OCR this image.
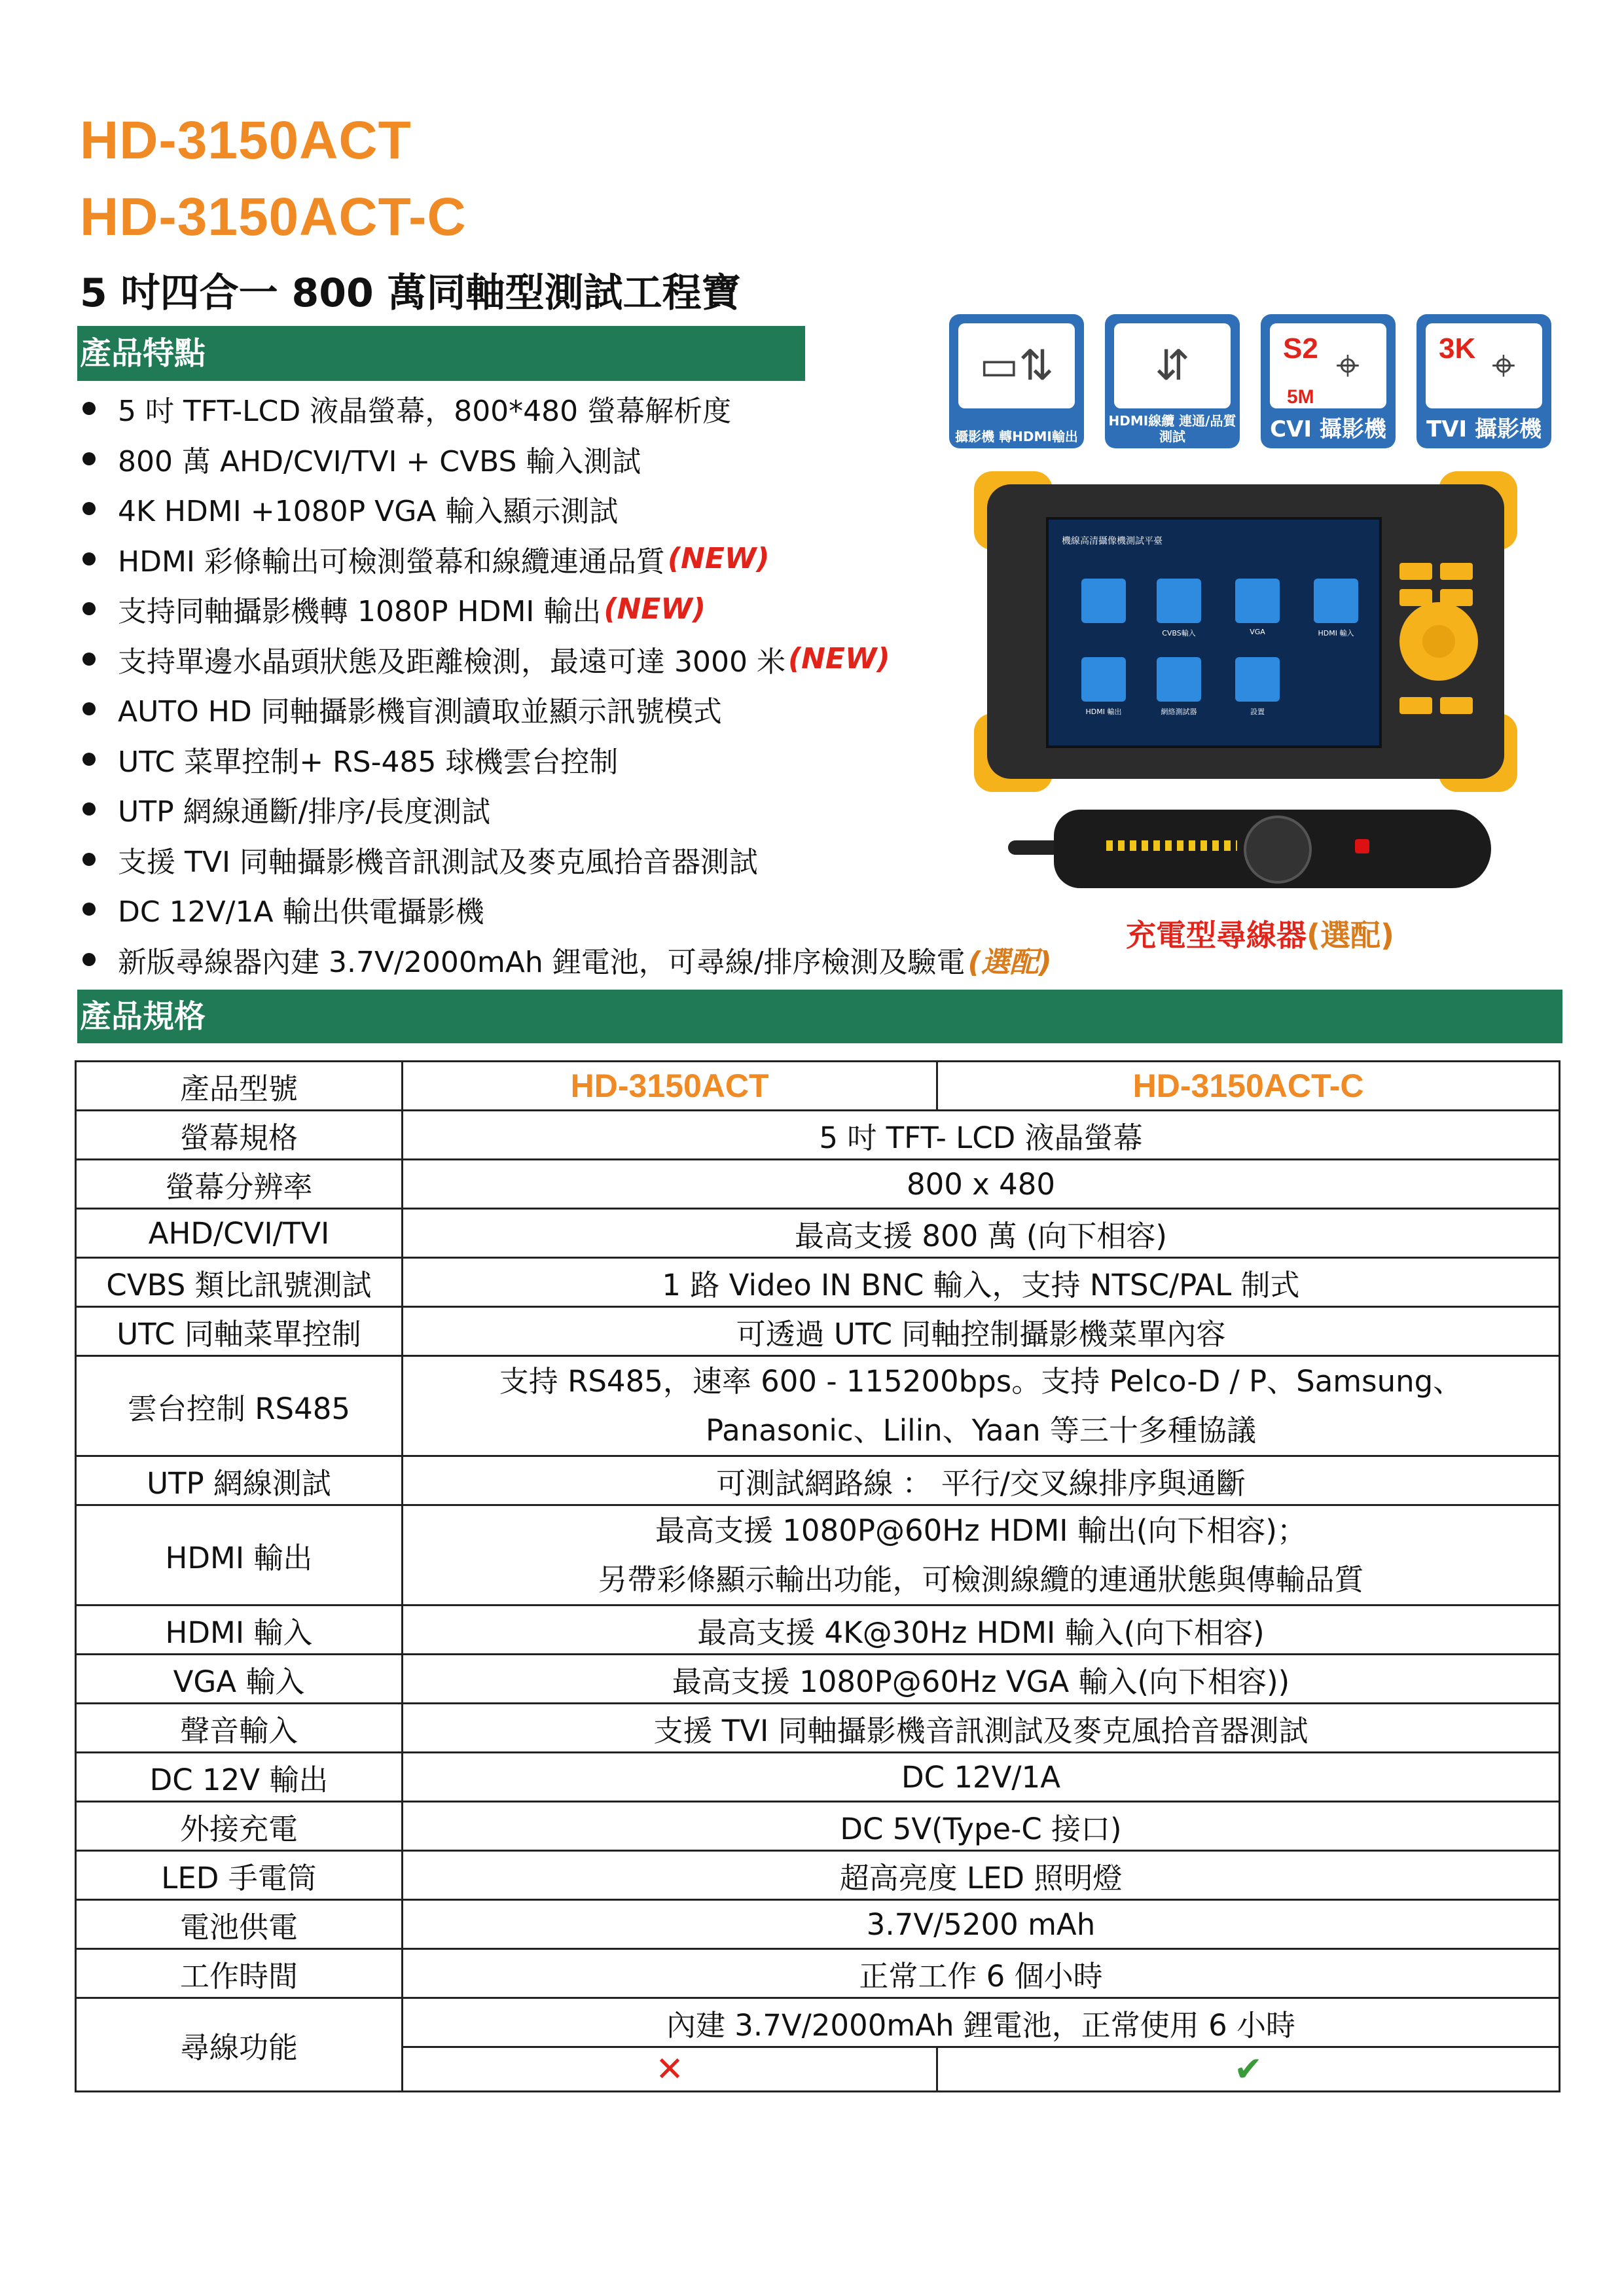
HD-3150ACT
HD-3150ACT-C
5 吋四合一 800 萬同軸型測試工程寶
產品特點
5 吋 TFT-LCD 液晶螢幕，800*480 螢幕解析度
800 萬 AHD/CVI/TVI + CVBS 輸入測試
4K HDMI +1080P VGA 輸入顯示測試
HDMI 彩條輸出可檢測螢幕和線纜連通品質 (NEW)
支持同軸攝影機轉 1080P HDMI 輸出 (NEW)
支持單邊水晶頭狀態及距離檢測，最遠可達 3000 米 (NEW)
AUTO HD 同軸攝影機盲測讀取並顯示訊號模式
UTC 菜單控制+ RS-485 球機雲台控制
UTP 網線通斷/排序/長度測試
支援 TVI 同軸攝影機音訊測試及麥克風拾音器測試
DC 12V/1A 輸出供電攝影機
新版尋線器內建 3.7V/2000mAh 鋰電池，可尋線/排序檢測及驗電 (選配)
▭⇅
攝影機 轉HDMI輸出
⇵
HDMI線纜 連通/品質測試
S2
5M
⌖
CVI 攝影機
3K ⌖
TVI 攝影機
機線高清攝像機測試平臺
CVBS輸入	VGA	HDMI 輸入
HDMI 輸出	網絡測試器	設置
充電型尋線器(選配)
產品規格
產品型號	HD-3150ACT	HD-3150ACT-C
螢幕規格	5 吋 TFT- LCD 液晶螢幕	

螢幕分辨率	800 x 480	

AHD/CVI/TVI	最高支援 800 萬 (向下相容)	

CVBS 類比訊號測試	1 路 Video IN BNC 輸入，支持 NTSC/PAL 制式	

UTC 同軸菜單控制	可透過 UTC 同軸控制攝影機菜單內容	

雲台控制 RS485	支持 RS485，速率 600 - 115200bps。支持 Pelco-D / P、Samsung、
Panasonic、Lilin、Yaan 等三十多種協議	

UTP 網線測試	可測試網路線 ： 平行/交叉線排序與通斷	

HDMI 輸出	最高支援 1080P@60Hz HDMI 輸出(向下相容)；
另帶彩條顯示輸出功能，可檢測線纜的連通狀態與傳輸品質	

HDMI 輸入	最高支援 4K@30Hz HDMI 輸入(向下相容)	

VGA 輸入	最高支援 1080P@60Hz VGA 輸入(向下相容))	

聲音輸入	支援 TVI 同軸攝影機音訊測試及麥克風拾音器測試	

DC 12V 輸出	DC 12V/1A	

外接充電	DC 5V(Type-C 接口)	

LED 手電筒	超高亮度 LED 照明燈	

電池供電	3.7V/5200 mAh	

工作時間	正常工作 6 個小時	

尋線功能	內建 3.7V/2000mAh 鋰電池，正常使用 6 小時	
	✕	✔
